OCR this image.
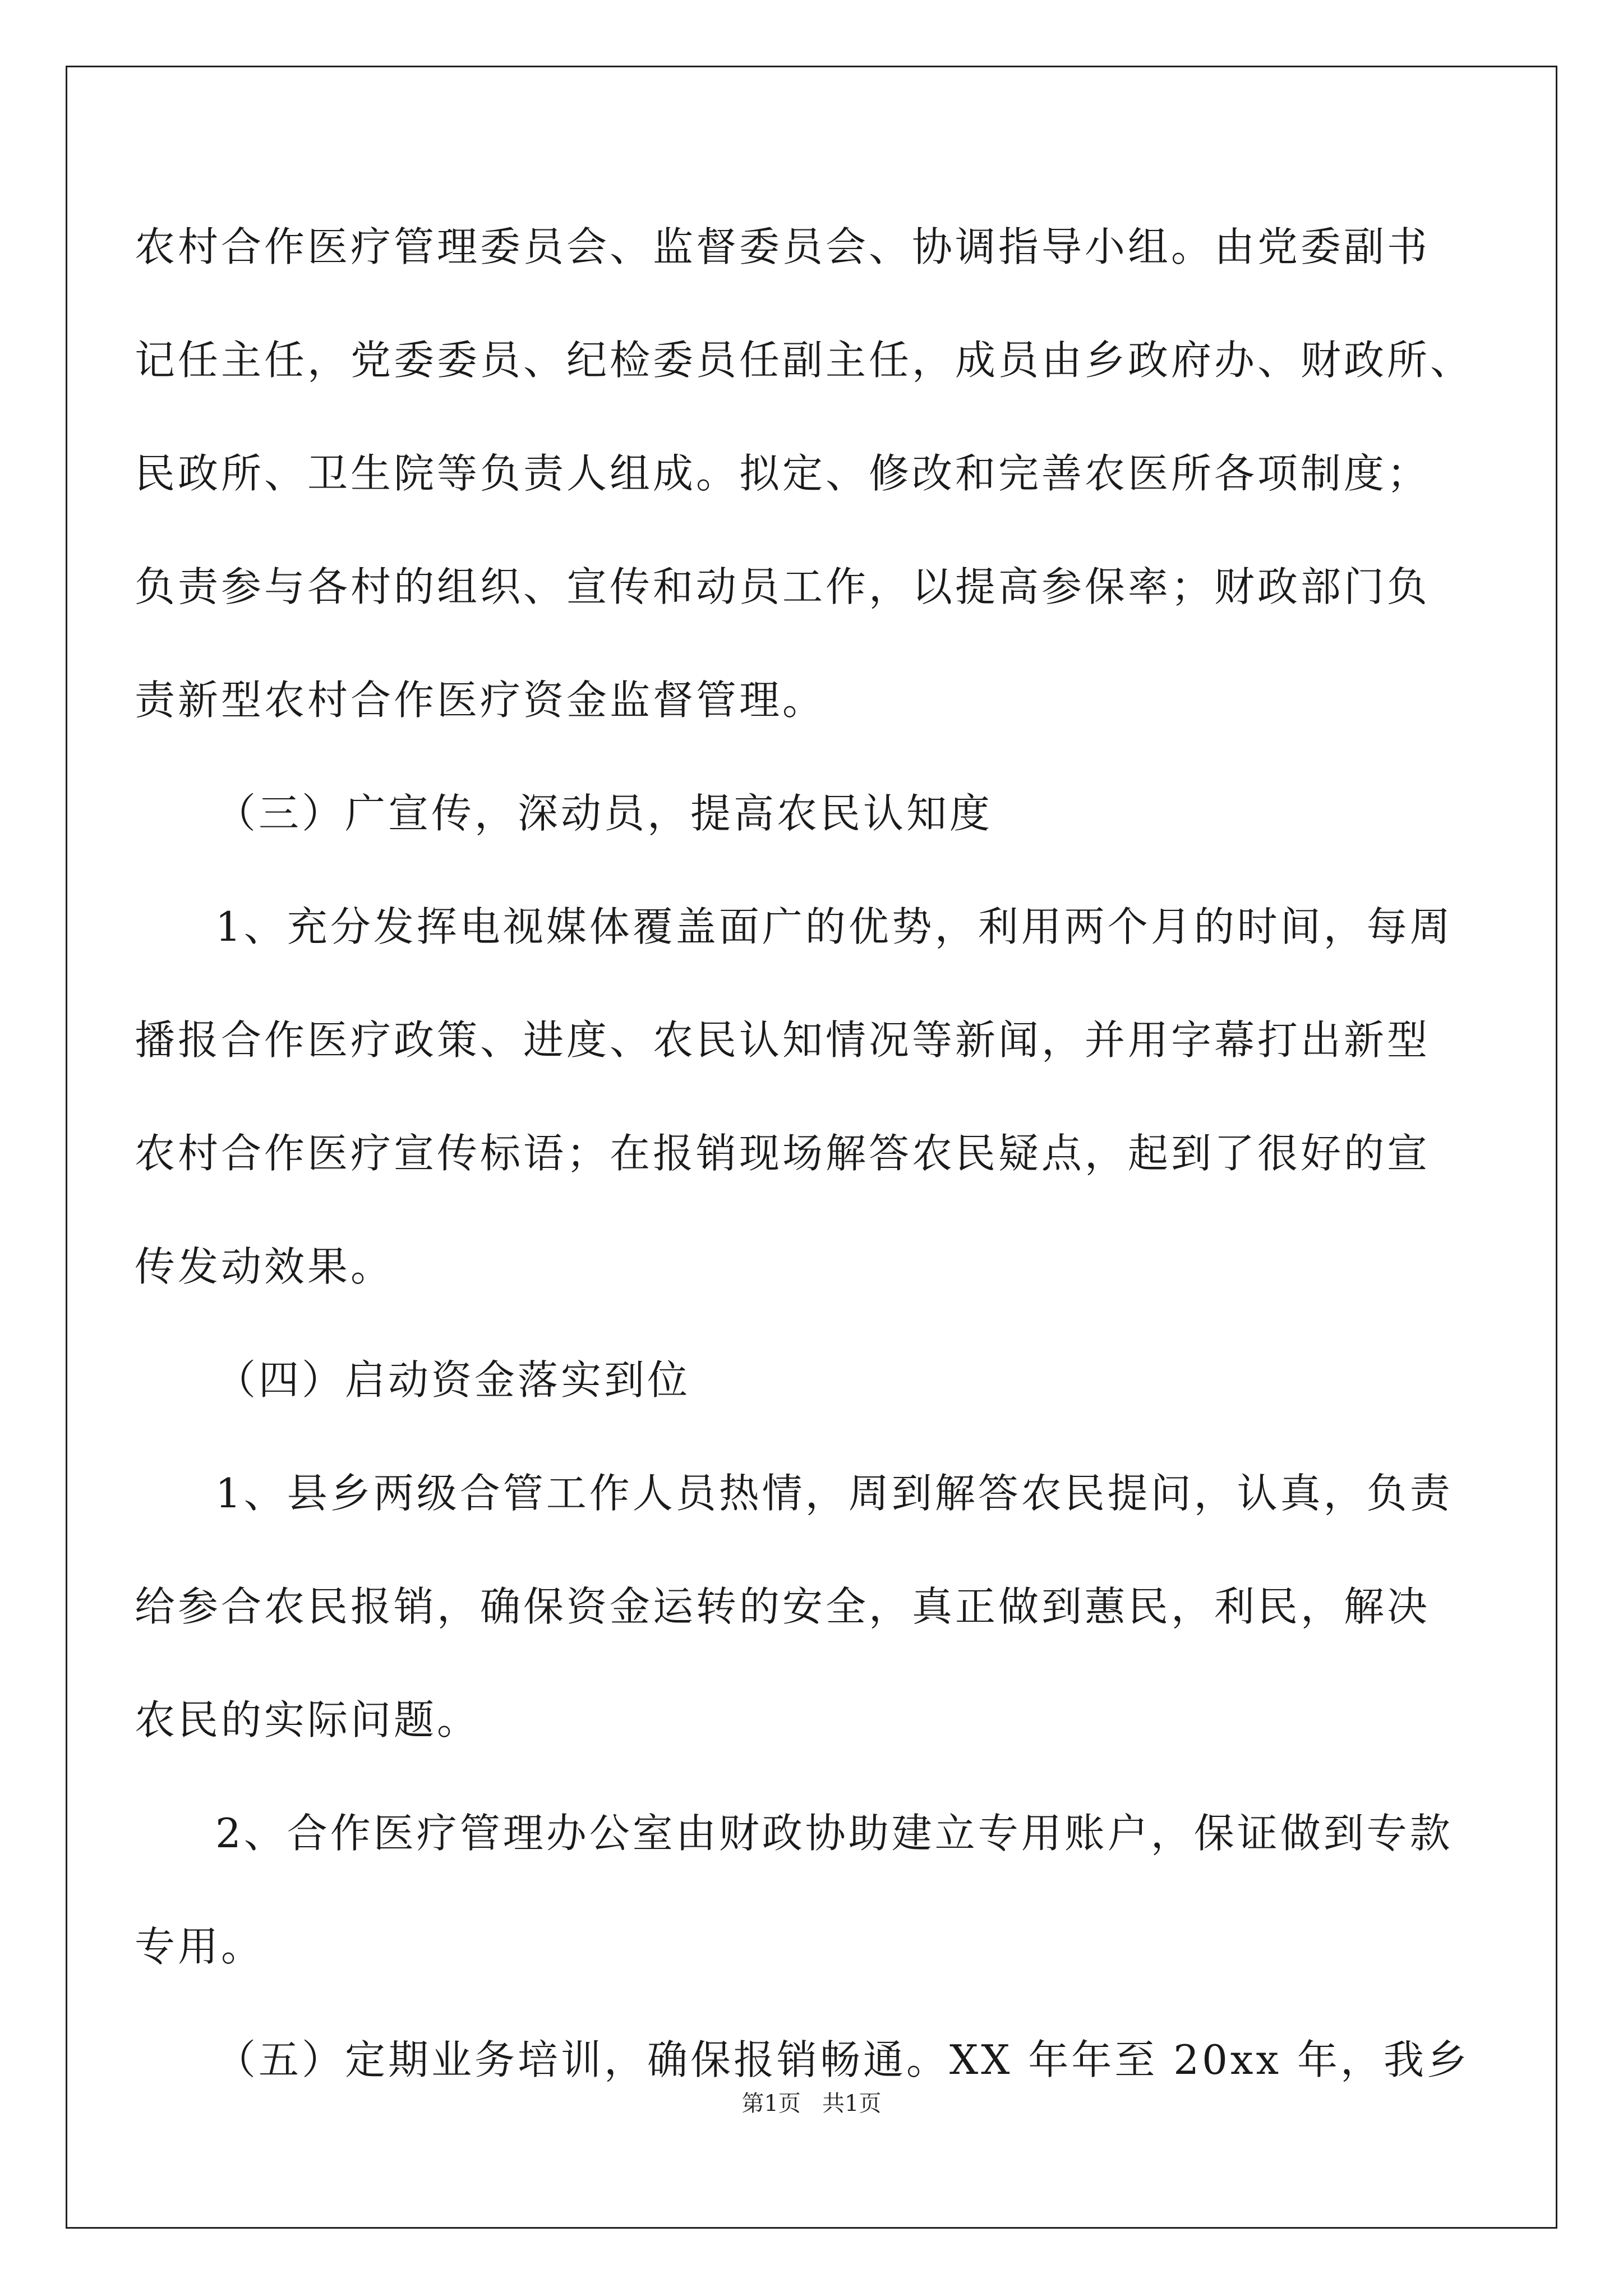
农村合作医疗管理委员会、监督委员会、协调指导小组。由党委副书
记任主任，党委委员、纪检委员任副主任，成员由乡政府办、财政所、
民政所、卫生院等负责人组成。拟定、修改和完善农医所各项制度；
负责参与各村的组织、宣传和动员工作，以提高参保率；财政部门负
责新型农村合作医疗资金监督管理。
（三）广宣传，深动员，提高农民认知度
1、充分发挥电视媒体覆盖面广的优势，利用两个月的时间，每周
播报合作医疗政策、进度、农民认知情况等新闻，并用字幕打出新型
农村合作医疗宣传标语；在报销现场解答农民疑点，起到了很好的宣
传发动效果。
（四）启动资金落实到位
1、县乡两级合管工作人员热情，周到解答农民提问，认真，负责
给参合农民报销，确保资金运转的安全，真正做到蕙民，利民，解决
农民的实际问题。
2、合作医疗管理办公室由财政协助建立专用账户，保证做到专款
专用。
（五）定期业务培训，确保报销畅通。XX 年年至 20xx 年，我乡
第1页   共1页
